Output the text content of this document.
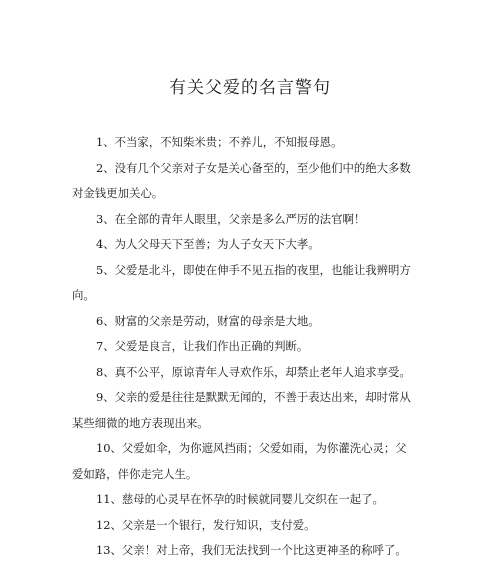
有关父爱的名言警句
1、不当家，不知柴米贵；不养儿，不知报母恩。
2、没有几个父亲对子女是关心备至的，至少他们中的绝大多数
对金钱更加关心。
3、在全部的青年人眼里，父亲是多么严厉的法官啊！
4、为人父母天下至善；为人子女天下大孝。
5、父爱是北斗，即使在伸手不见五指的夜里，也能让我辨明方
向。
6、财富的父亲是劳动，财富的母亲是大地。
7、父爱是良言，让我们作出正确的判断。
8、真不公平，原谅青年人寻欢作乐，却禁止老年人追求享受。
9、父亲的爱是往往是默默无闻的，不善于表达出来，却时常从
某些细微的地方表现出来。
10、父爱如伞，为你遮风挡雨；父爱如雨，为你灌洗心灵；父
爱如路，伴你走完人生。
11、慈母的心灵早在怀孕的时候就同婴儿交织在一起了。
12、父亲是一个银行，发行知识，支付爱。
13、父亲！对上帝，我们无法找到一个比这更神圣的称呼了。
